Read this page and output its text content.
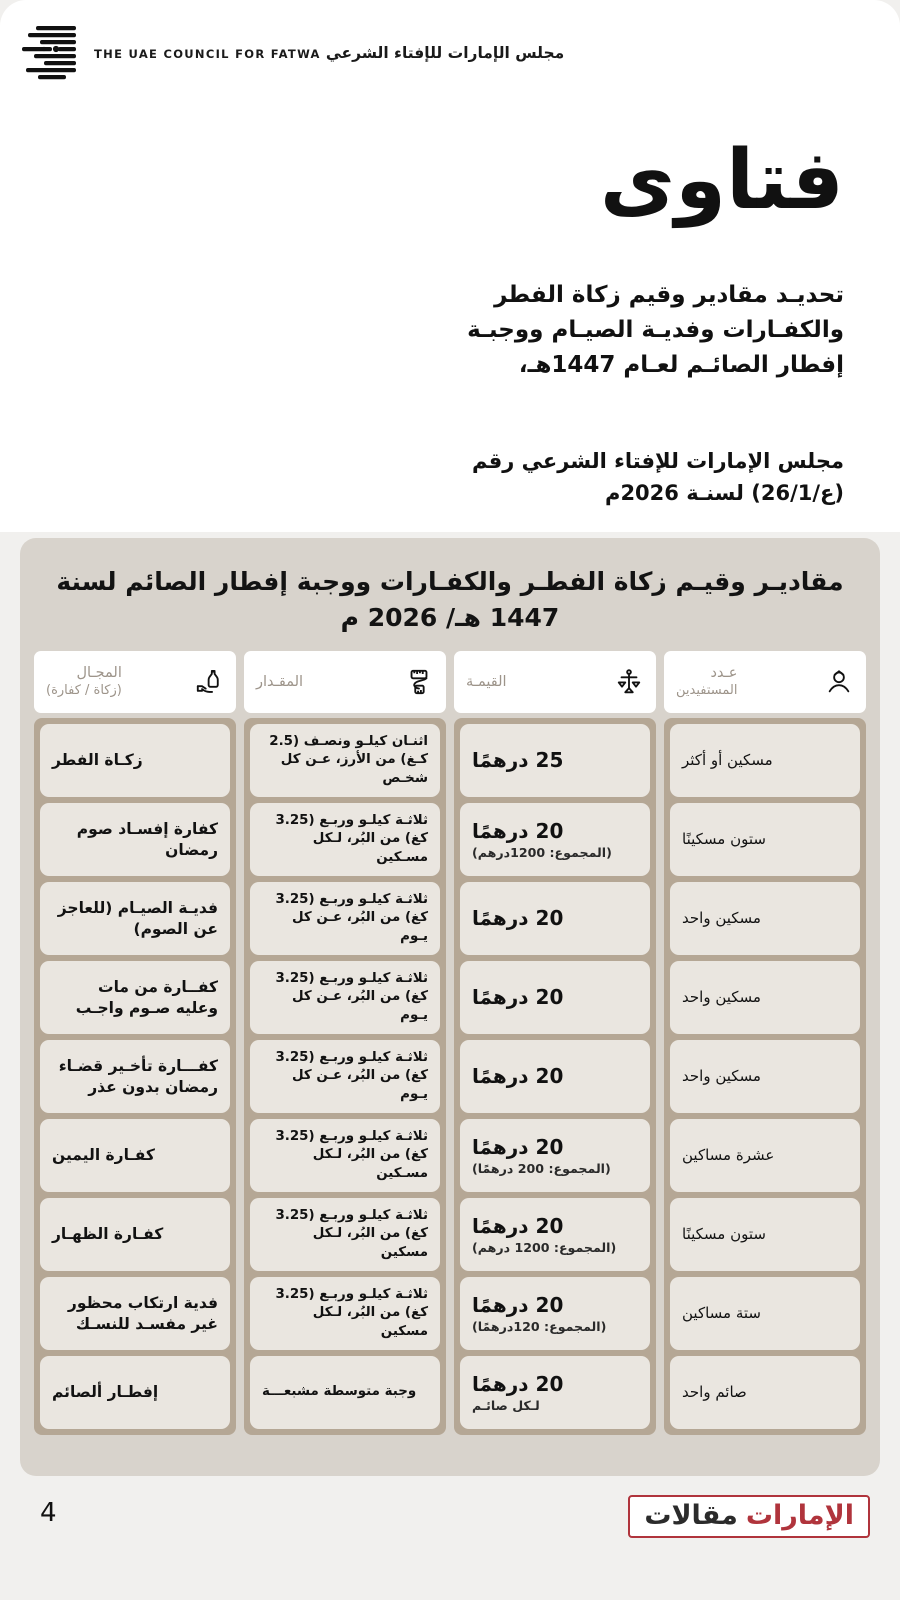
مجلس الإمارات للإفتاء الشرعي THE UAE COUNCIL FOR FATWA
فتاوى
تحديـد مقادير وقيم زكاة الفطر والكفـارات وفديـة الصيـام ووجبـة إفطار الصائـم لعـام 1447هـ،
مجلس الإمارات للإفتاء الشرعي رقم (ع/26/1) لسنـة 2026م
مقاديـر وقيـم زكاة الفطـر والكفـارات ووجبة إفطار الصائم لسنة 1447 هـ/ 2026 م
عـدد
المستفيدين
مسكين أو أكثر
ستون مسكينًا
مسكين واحد
مسكين واحد
مسكين واحد
عشرة مساكين
ستون مسكينًا
ستة مساكين
صائم واحد
القيمـة
25 درهمًا
20 درهمًا
(المجموع: 1200درهم)
20 درهمًا
20 درهمًا
20 درهمًا
20 درهمًا
(المجموع: 200 درهمًا)
20 درهمًا
(المجموع: 1200 درهم)
20 درهمًا
(المجموع: 120درهمًا)
20 درهمًا
لـكل صائـم
المقـدار
اثنـان كيلـو ونصـف (2.5 كـغ) من الأرز، عـن كل شخـص
ثلاثـة كيلـو وربـع (3.25 كغ) من البُر، لـكل مسـكين
ثلاثـة كيلـو وربـع (3.25 كغ) من البُر، عـن كل يـوم
ثلاثـة كيلـو وربـع (3.25 كغ) من البُر، عـن كل يـوم
ثلاثـة كيلـو وربـع (3.25 كغ) من البُر، عـن كل يـوم
ثلاثـة كيلـو وربـع (3.25 كغ) من البُر، لـكل مسـكين
ثلاثـة كيلـو وربـع (3.25 كغ) من البُر، لـكل مسكين
ثلاثـة كيلـو وربـع (3.25 كغ) من البُر، لـكل مسكين
وجبة متوسطة مشبعـــة
المجـال
(زكاة / كفارة)
زكـاة الفطر
كفارة إفسـاد صوم رمضان
فديـة الصيـام (للعاجز عن الصوم)
كفــارة من مات وعليه صـوم واجـب
كفـــارة تأخـير قضـاء رمضان بدون عذر
كفـارة اليمين
كفـارة الظهـار
فدية ارتكاب محظور غير مفسـد للنسـك
إفطـار ألصائم
4	الإمارات
مقالات
